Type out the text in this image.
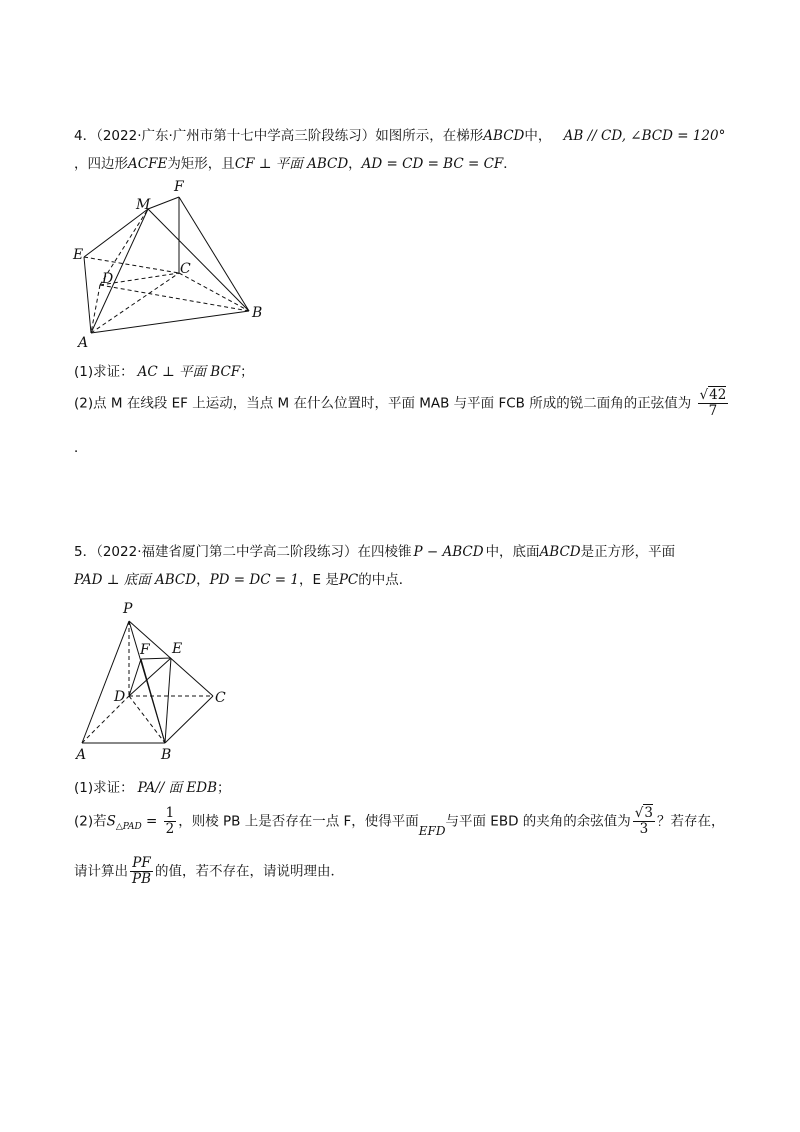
4．（2022·广东·广州市第十七中学高三阶段练习）如图所示，在梯形ABCD中， AB // CD, ∠BCD = 120°
，四边形ACFE为矩形，且CF ⊥ 平面 ABCD，AD = CD = BC = CF．
F
M
E
D
C
B
A
(1)求证： AC ⊥ 平面 BCF；
(2)点 M 在线段 EF 上运动，当点 M 在什么位置时，平面 MAB 与平面 FCB 所成的锐二面角的正弦值为 $\frac{√42}{7}$
．
5．（2022·福建省厦门第二中学高二阶段练习）在四棱锥 P − ABCD 中，底面ABCD是正方形，平面
PAD ⊥ 底面 ABCD，PD = DC = 1，E 是PC的中点．
P
F E
D	C
A	B
(1)求证： PA// 面 EDB；
(2)若$S_{\triangle PAD} = \frac{1}{2}$ ，则棱 PB 上是否存在一点 F，使得平面EFD与平面 EBD 的夹角的余弦值为 $\frac{√3}{3}$ ？若存在，
请计算出 $\frac{PF}{PB}$ 的值，若不存在，请说明理由．
